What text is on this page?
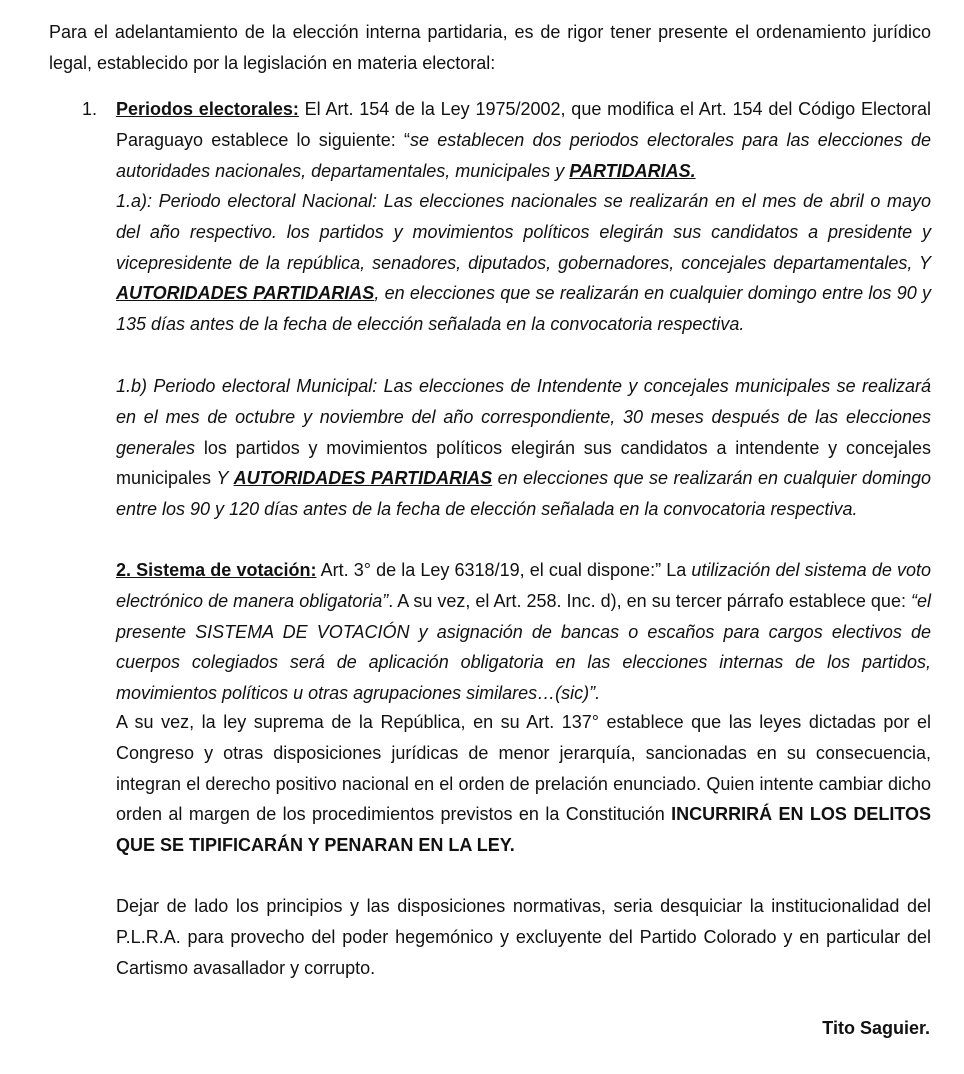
Para el adelantamiento de la elección interna partidaria, es de rigor tener presente el ordenamiento jurídico legal, establecido por la legislación en materia electoral:

1. Periodos electorales: El Art. 154 de la Ley 1975/2002, que modifica el Art. 154 del Código Electoral Paraguayo establece lo siguiente: “se establecen dos periodos electorales para las elecciones de autoridades nacionales, departamentales, municipales y PARTIDARIAS.

1.a): Periodo electoral Nacional: Las elecciones nacionales se realizarán en el mes de abril o mayo del año respectivo. los partidos y movimientos políticos elegirán sus candidatos a presidente y vicepresidente de la república, senadores, diputados, gobernadores, concejales departamentales, Y AUTORIDADES PARTIDARIAS, en elecciones que se realizarán en cualquier domingo entre los 90 y 135 días antes de la fecha de elección señalada en la convocatoria respectiva.

1.b) Periodo electoral Municipal: Las elecciones de Intendente y concejales municipales se realizará en el mes de octubre y noviembre del año correspondiente, 30 meses después de las elecciones generales los partidos y movimientos políticos elegirán sus candidatos a intendente y concejales municipales Y AUTORIDADES PARTIDARIAS en elecciones que se realizarán en cualquier domingo entre los 90 y 120 días antes de la fecha de elección señalada en la convocatoria respectiva.

2. Sistema de votación: Art. 3° de la Ley 6318/19, el cual dispone:” La utilización del sistema de voto electrónico de manera obligatoria”. A su vez, el Art. 258. Inc. d), en su tercer párrafo establece que: “el presente SISTEMA DE VOTACIÓN y asignación de bancas o escaños para cargos electivos de cuerpos colegiados será de aplicación obligatoria en las elecciones internas de los partidos, movimientos políticos u otras agrupaciones similares…(sic)”.

A su vez, la ley suprema de la República, en su Art. 137° establece que las leyes dictadas por el Congreso y otras disposiciones jurídicas de menor jerarquía, sancionadas en su consecuencia, integran el derecho positivo nacional en el orden de prelación enunciado. Quien intente cambiar dicho orden al margen de los procedimientos previstos en la Constitución INCURRIRÁ EN LOS DELITOS QUE SE TIPIFICARÁN Y PENARAN EN LA LEY.

Dejar de lado los principios y las disposiciones normativas, seria desquiciar la institucionalidad del P.L.R.A. para provecho del poder hegemónico y excluyente del Partido Colorado y en particular del Cartismo avasallador y corrupto.

Tito Saguier.
